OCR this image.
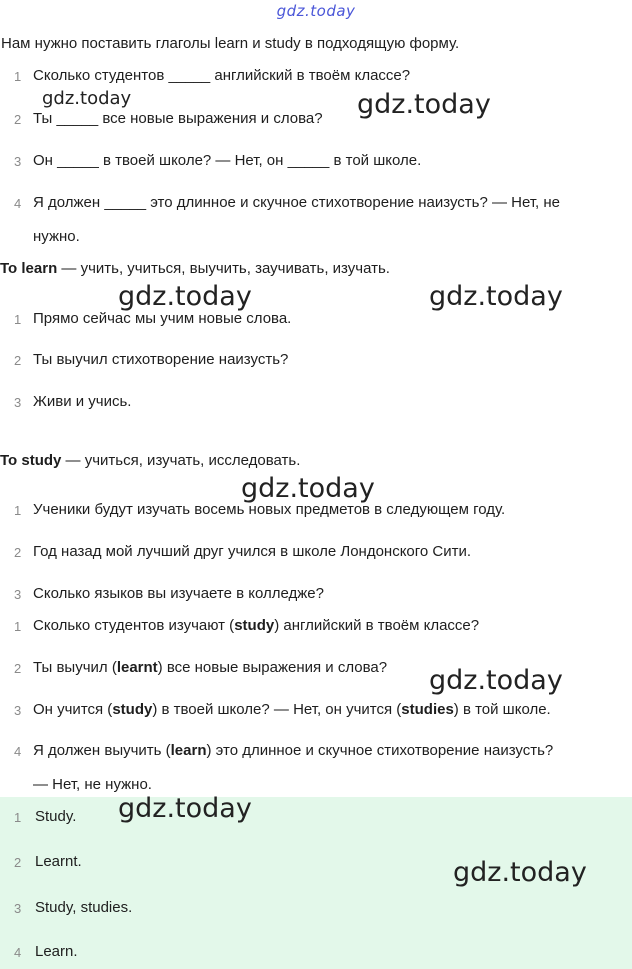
gdz.today
Нам нужно поставить глаголы learn и study в подходящую форму.
1 Сколько студентов _____ английский в твоём классе?
2 Ты _____ все новые выражения и слова?
3 Он _____ в твоей школе? — Нет, он _____ в той школе.
4 Я должен _____ это длинное и скучное стихотворение наизусть? — Нет, не
нужно.
To learn — учить, учиться, выучить, заучивать, изучать.
1 Прямо сейчас мы учим новые слова.
2 Ты выучил стихотворение наизусть?
3 Живи и учись.
To study — учиться, изучать, исследовать.
1 Ученики будут изучать восемь новых предметов в следующем году.
2 Год назад мой лучший друг учился в школе Лондонского Сити.
3 Сколько языков вы изучаете в колледже?
1 Сколько студентов изучают (study) английский в твоём классе?
2 Ты выучил (learnt) все новые выражения и слова?
3 Он учится (study) в твоей школе? — Нет, он учится (studies) в той школе.
4 Я должен выучить (learn) это длинное и скучное стихотворение наизусть?
— Нет, не нужно.
1 Study.
2 Learnt.
3 Study, studies.
4 Learn.
gdz.today	gdz.today
gdz.today	gdz.today
gdz.today
gdz.today
gdz.today
gdz.today
